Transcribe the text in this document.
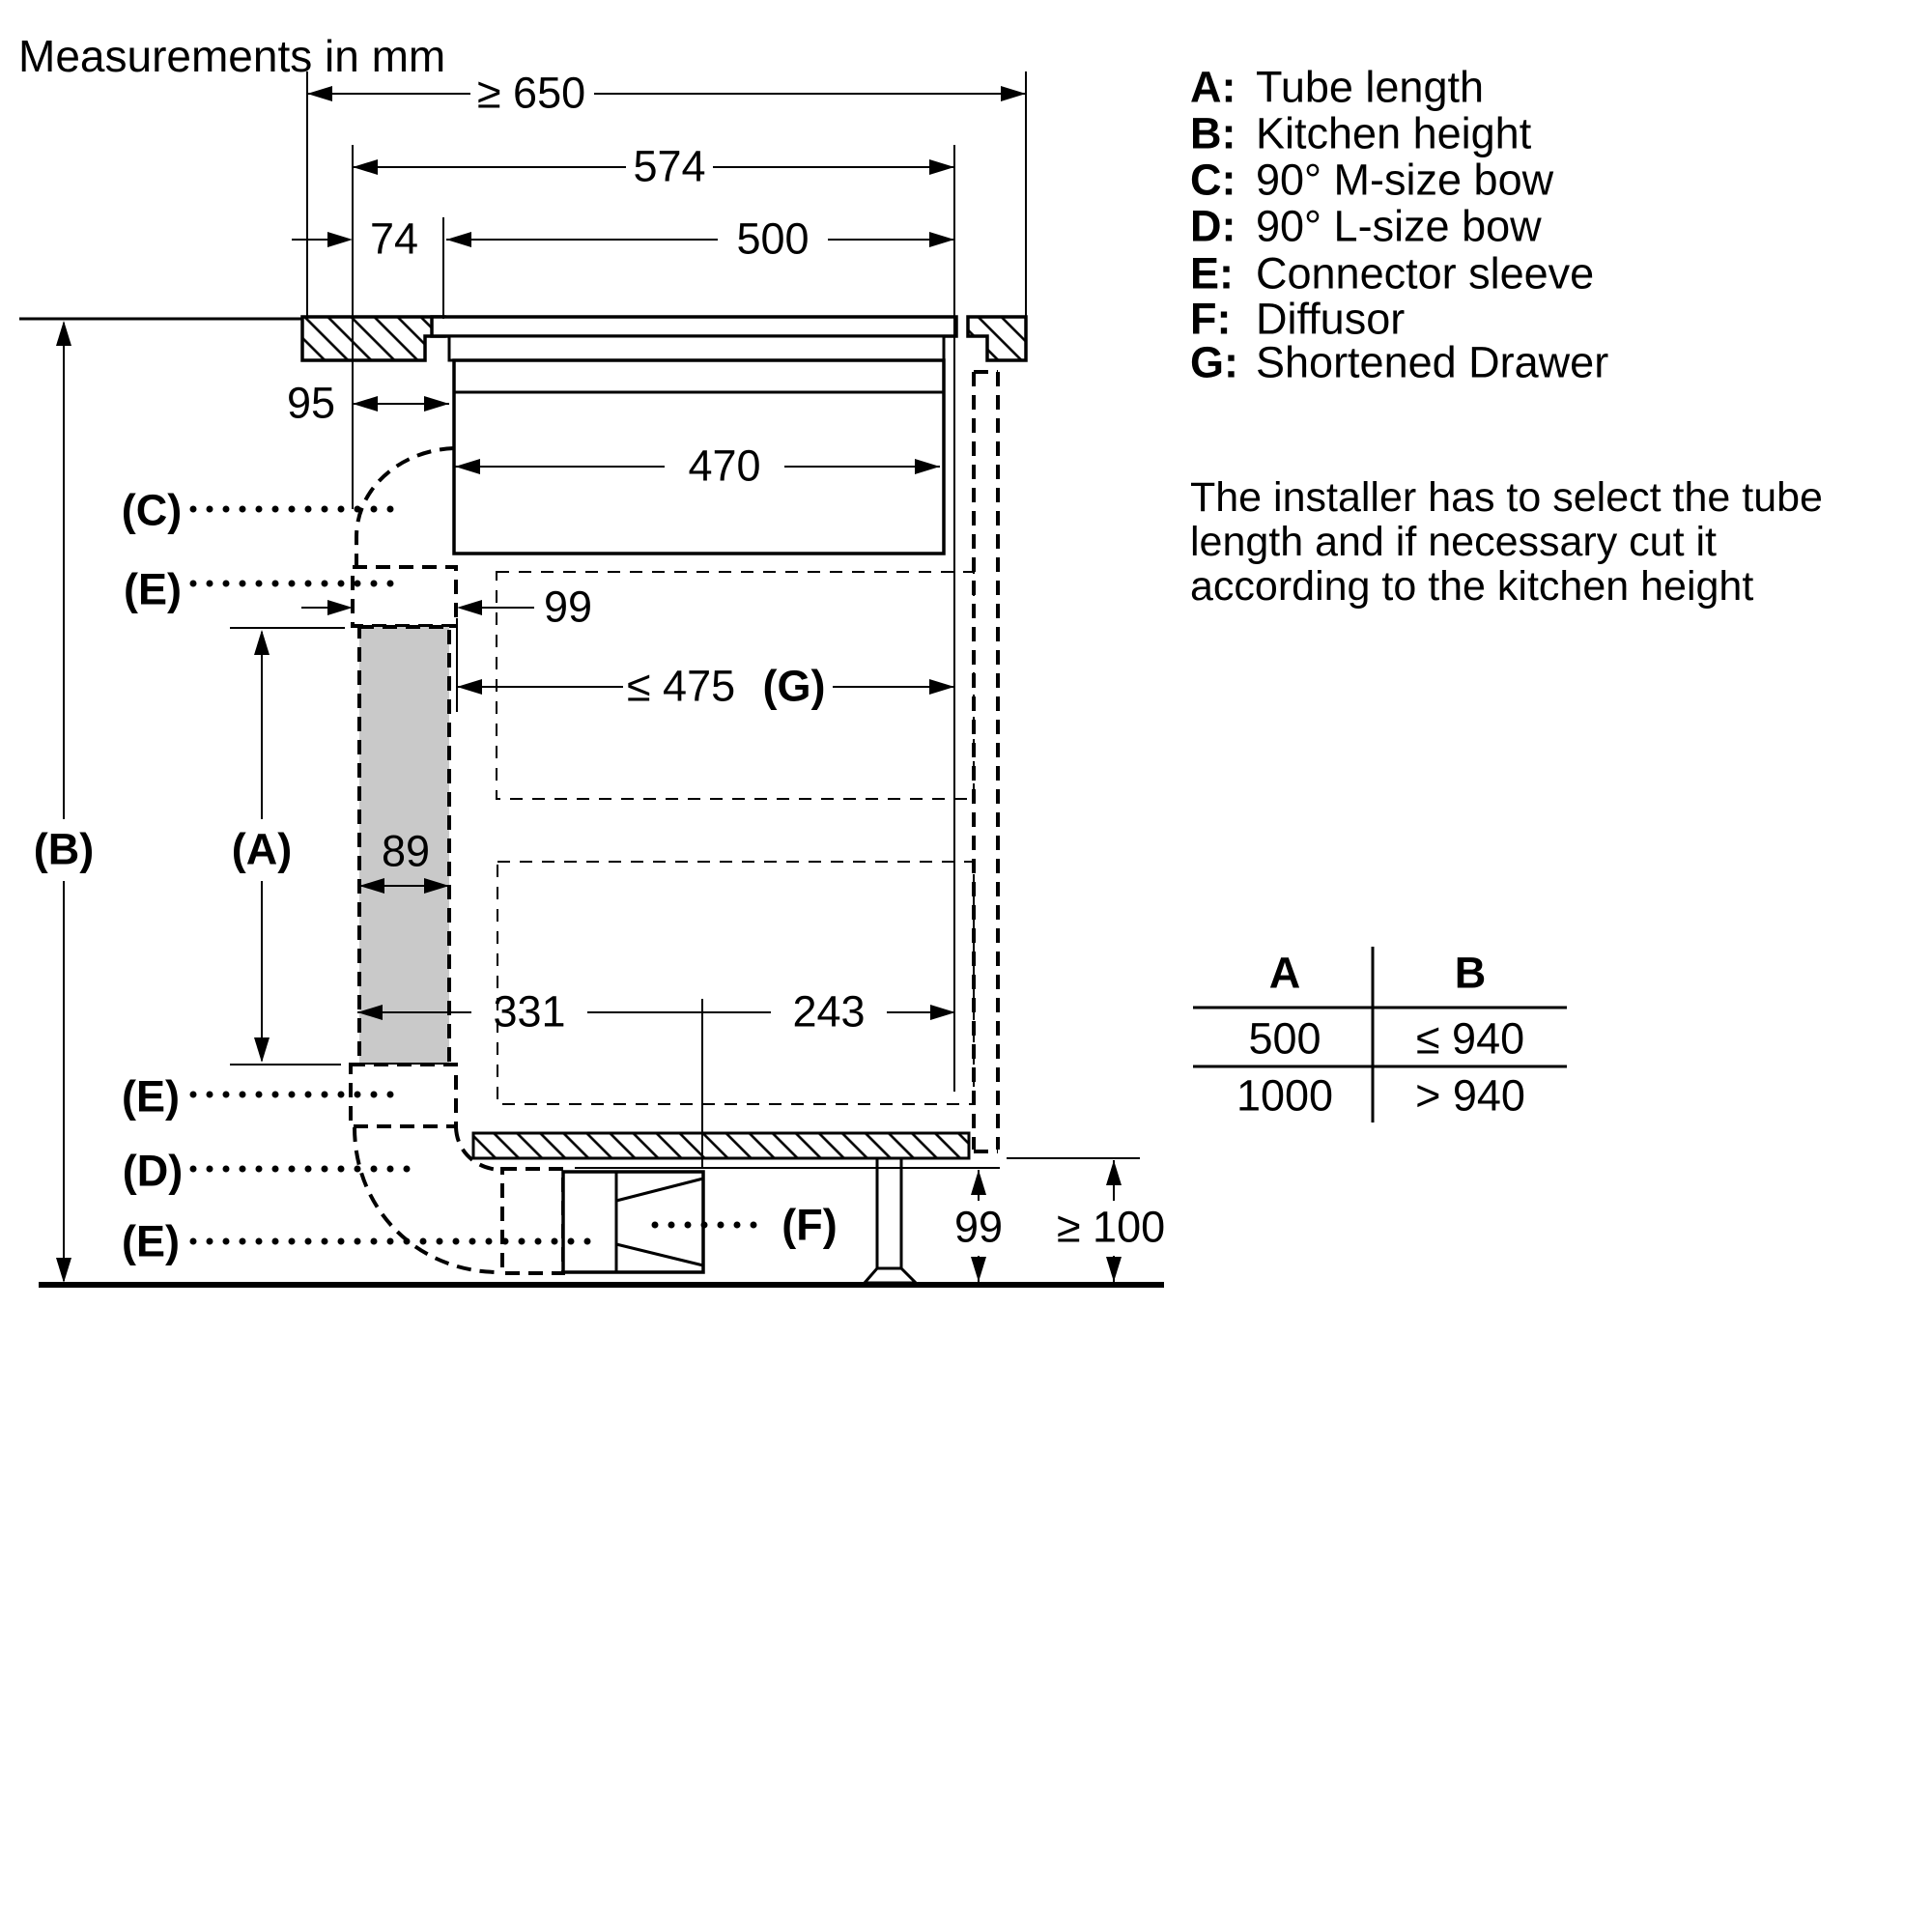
Measurements in mm
A: Tube length
B: Kitchen height
C: 90° M-size bow
D: 90° L-size bow
E: Connector sleeve
F: Diffusor
G: Shortened Drawer
The installer has to select the tube
length and if necessary cut it
according to the kitchen height
A	B
500 ≤ 940
1000 > 940
≥ 650
574
74	500
95
470
99
≤ 475 (G)
89
331	243
99 ≥ 100
(B)	(A)
(C)
(E)
(E)
(D)
(E)	(F)
